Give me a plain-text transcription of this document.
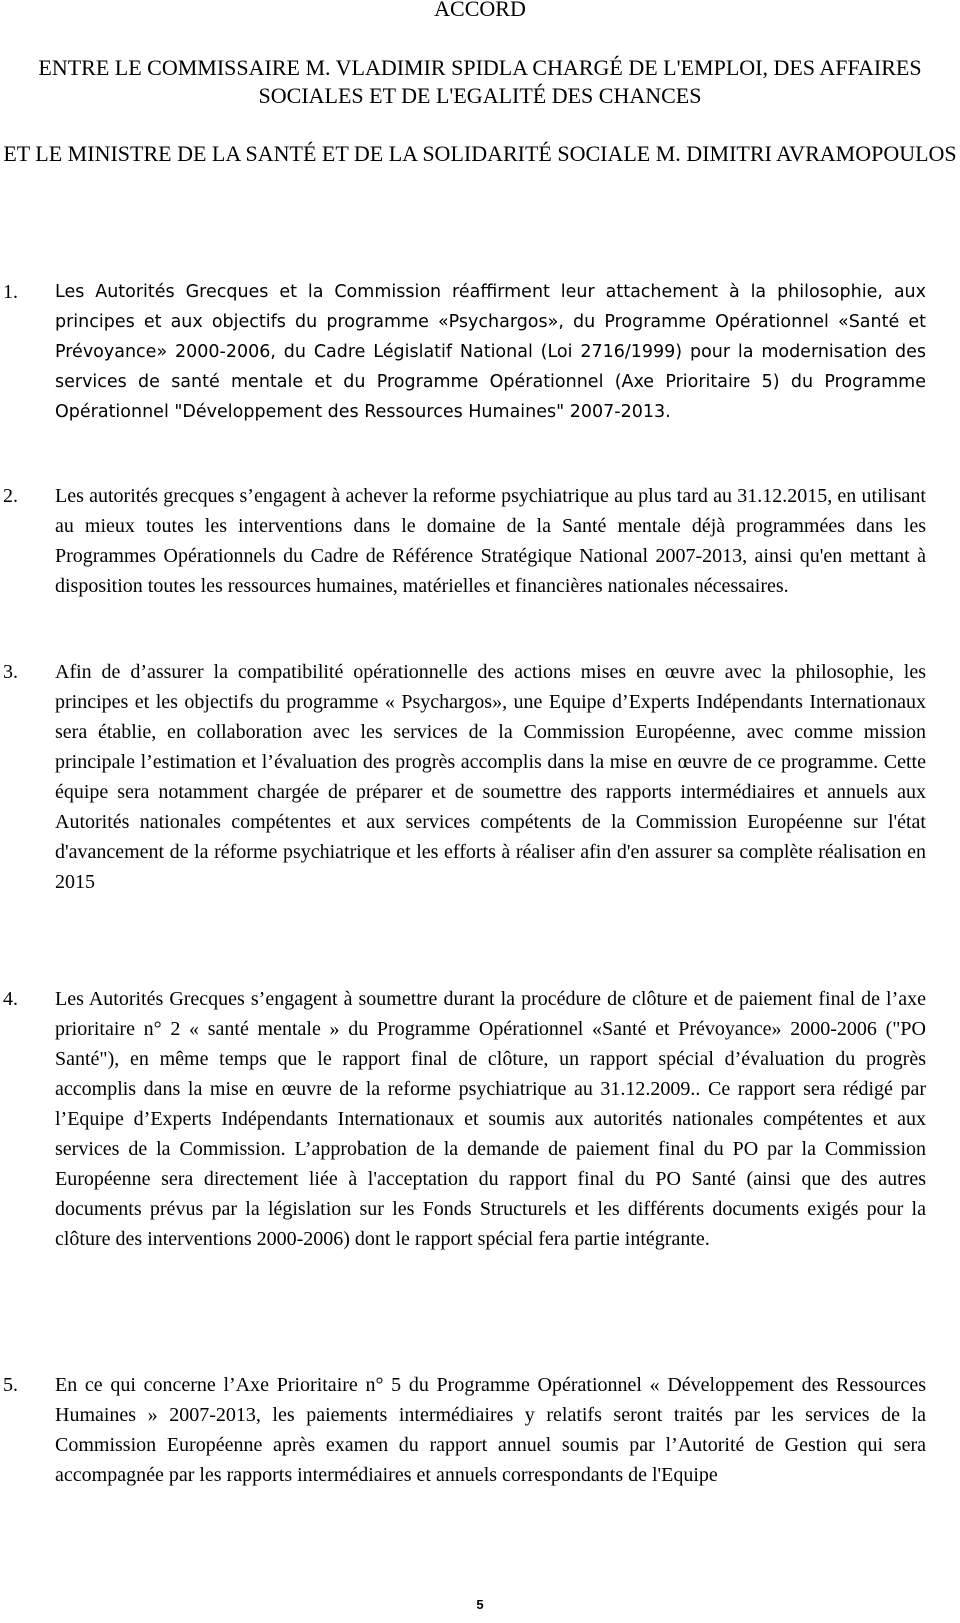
ACCORD
ENTRE LE COMMISSAIRE M. VLADIMIR SPIDLA CHARGÉ DE L'EMPLOI, DES AFFAIRES SOCIALES ET DE L'EGALITÉ DES CHANCES
ET LE MINISTRE DE LA SANTÉ ET DE LA SOLIDARITÉ SOCIALE M. DIMITRI AVRAMOPOULOS
1. Les Autorités Grecques et la Commission réaffirment leur attachement à la philosophie, aux principes et aux objectifs du programme «Psychargos», du Programme Opérationnel «Santé et Prévoyance» 2000-2006, du Cadre Législatif National (Loi 2716/1999) pour la modernisation des services de santé mentale et du Programme Opérationnel (Axe Prioritaire 5) du Programme Opérationnel "Développement des Ressources Humaines" 2007-2013.

2. Les autorités grecques s’engagent à achever la reforme psychiatrique au plus tard au 31.12.2015, en utilisant au mieux toutes les interventions dans le domaine de la Santé mentale déjà programmées dans les Programmes Opérationnels du Cadre de Référence Stratégique National 2007-2013, ainsi qu'en mettant à disposition toutes les ressources humaines, matérielles et financières nationales nécessaires.

3. Afin de d’assurer la compatibilité opérationnelle des actions mises en œuvre avec la philosophie, les principes et les objectifs du programme « Psychargos», une Equipe d’Experts Indépendants Internationaux sera établie, en collaboration avec les services de la Commission Européenne, avec comme mission principale l’estimation et l’évaluation des progrès accomplis dans la mise en œuvre de ce programme. Cette équipe sera notamment chargée de préparer et de soumettre des rapports intermédiaires et annuels aux Autorités nationales compétentes et aux services compétents de la Commission Européenne sur l'état d'avancement de la réforme psychiatrique et les efforts à réaliser afin d'en assurer sa complète réalisation en 2015

4. Les Autorités Grecques s’engagent à soumettre durant la procédure de clôture et de paiement final de l’axe prioritaire n° 2 « santé mentale » du Programme Opérationnel «Santé et Prévoyance» 2000-2006 ("PO Santé"), en même temps que le rapport final de clôture, un rapport spécial d’évaluation du progrès accomplis dans la mise en œuvre de la reforme psychiatrique au 31.12.2009.. Ce rapport sera rédigé par l’Equipe d’Experts Indépendants Internationaux et soumis aux autorités nationales compétentes et aux services de la Commission. L’approbation de la demande de paiement final du PO par la Commission Européenne sera directement liée à l'acceptation du rapport final du PO Santé (ainsi que des autres documents prévus par la législation sur les Fonds Structurels et les différents documents exigés pour la clôture des interventions 2000-2006) dont le rapport spécial fera partie intégrante.

5. En ce qui concerne l’Axe Prioritaire n° 5 du Programme Opérationnel « Développement des Ressources Humaines » 2007-2013, les paiements intermédiaires y relatifs seront traités par les services de la Commission Européenne après examen du rapport annuel soumis par l’Autorité de Gestion qui sera accompagnée par les rapports intermédiaires et annuels correspondants de l'Equipe

5
